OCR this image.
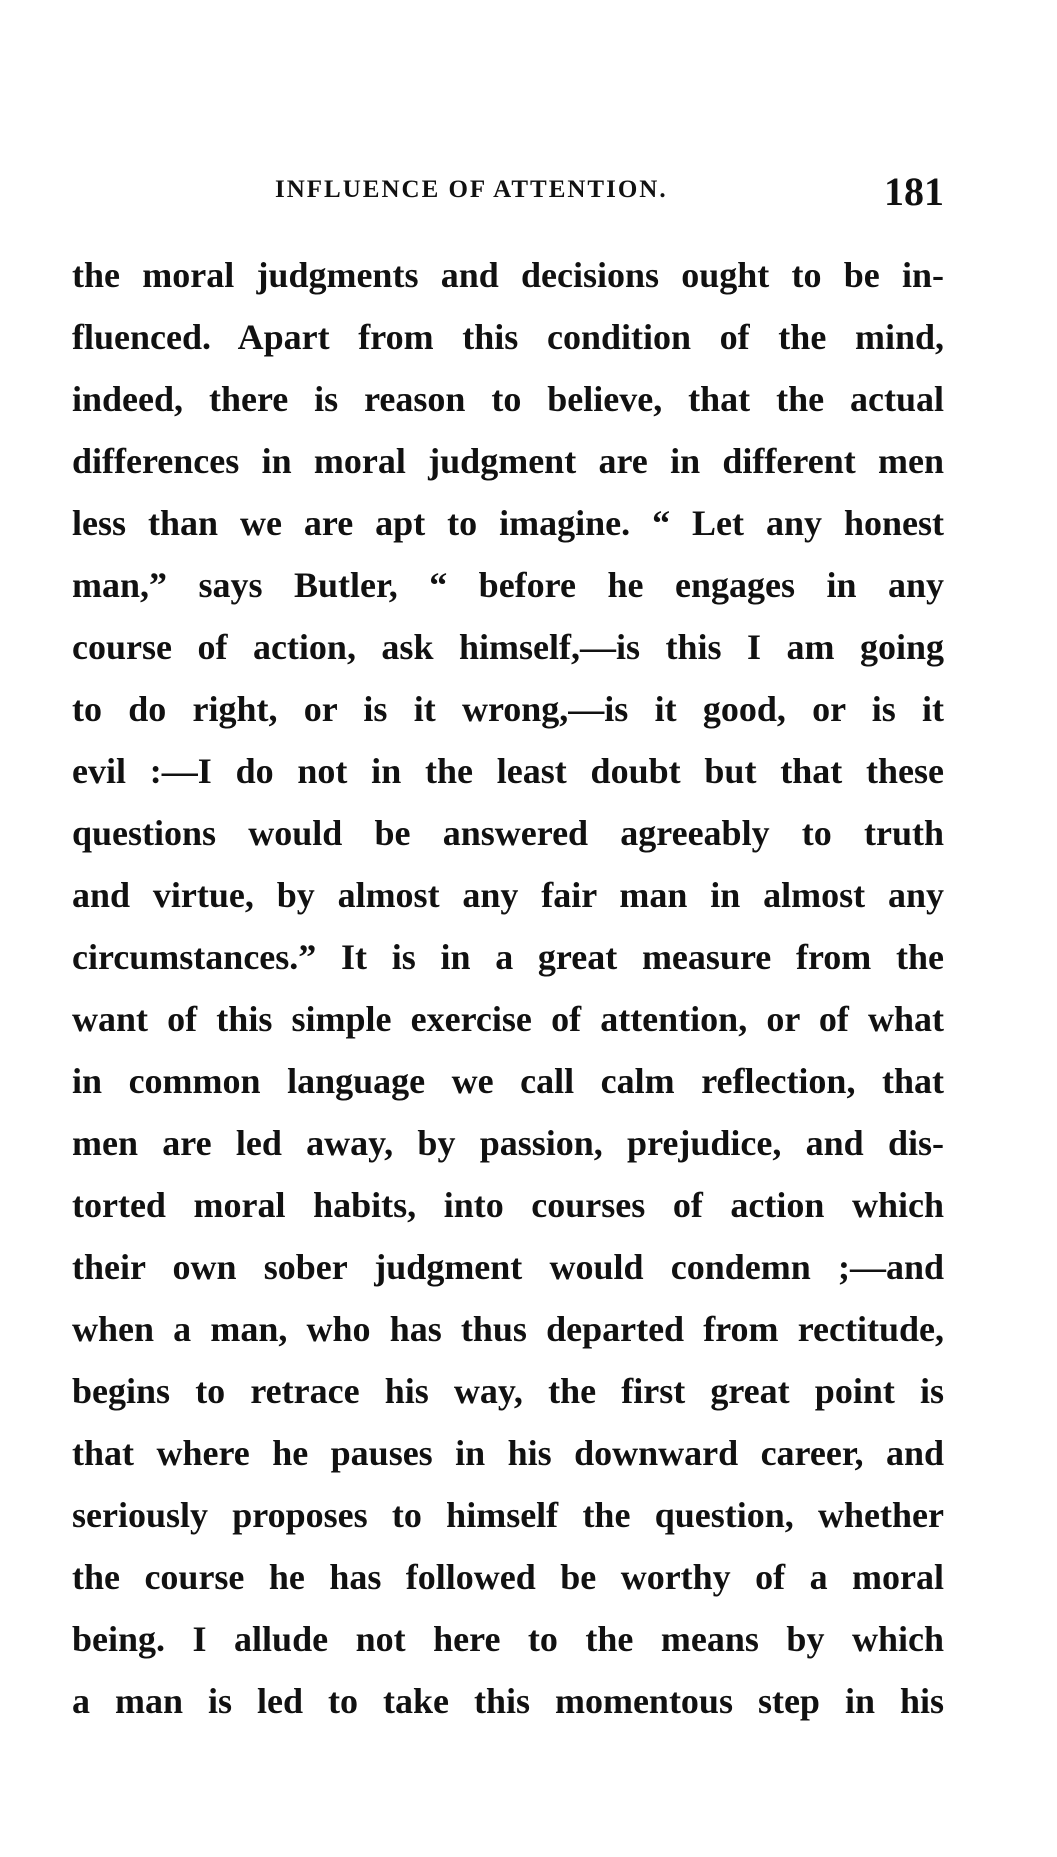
INFLUENCE OF ATTENTION.	181
the moral judgments and decisions ought to be in-
fluenced. Apart from this condition of the mind,
indeed, there is reason to believe, that the actual
differences in moral judgment are in different men
less than we are apt to imagine. “ Let any honest
man,” says Butler, “ before he engages in any
course of action, ask himself,—is this I am going
to do right, or is it wrong,—is it good, or is it
evil :—I do not in the least doubt but that these
questions would be answered agreeably to truth
and virtue, by almost any fair man in almost any
circumstances.” It is in a great measure from the
want of this simple exercise of attention, or of what
in common language we call calm reflection, that
men are led away, by passion, prejudice, and dis-
torted moral habits, into courses of action which
their own sober judgment would condemn ;—and
when a man, who has thus departed from rectitude,
begins to retrace his way, the first great point is
that where he pauses in his downward career, and
seriously proposes to himself the question, whether
the course he has followed be worthy of a moral
being. I allude not here to the means by which
a man is led to take this momentous step in his
